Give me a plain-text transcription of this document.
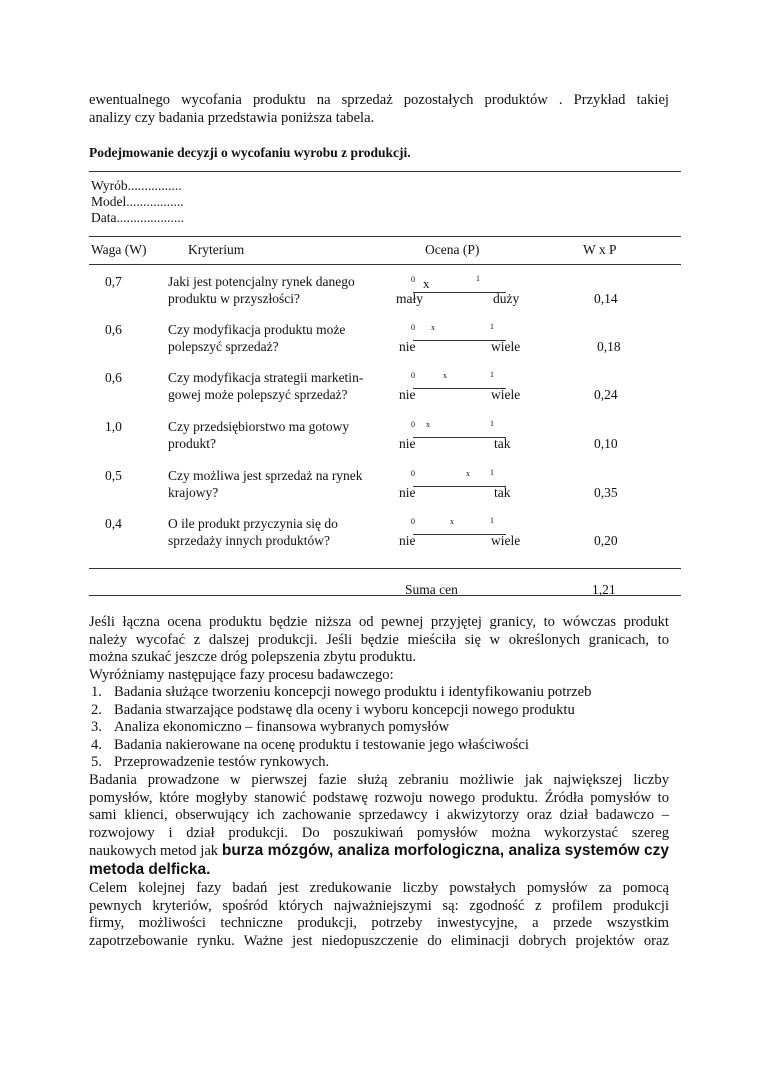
ewentualnego wycofania produktu na sprzedaż pozostałych produktów . Przykład takiej
analizy czy badania przedstawia poniższa tabela.
Podejmowanie decyzji o wycofaniu wyrobu z produkcji.
Wyrób................
Model.................
Data....................
Waga (W)	Kryterium	Ocena (P)	W x P
0,7	Jaki jest potencjalny rynek danego
produktu w przyszłości?
0 x	1
mały	duży	0,14
0,6	Czy modyfikacja produktu może
polepszyć sprzedaż?
0 x	1
nie	wiele	0,18
0,6	Czy modyfikacja strategii marketin-
gowej może polepszyć sprzedaż?
0	x	1
nie	wiele	0,24
1,0	Czy przedsiębiorstwo ma gotowy
produkt?
0 x	1
nie	tak	0,10
0,5	Czy możliwa jest sprzedaż na rynek
krajowy?
0	x	1
nie	tak	0,35
0,4	O ile produkt przyczynia się do
sprzedaży innych produktów?
0	x	1
nie	wiele	0,20
Suma cen	1,21
Jeśli łączna ocena produktu będzie niższa od pewnej przyjętej granicy, to wówczas produkt
należy wycofać z dalszej produkcji. Jeśli będzie mieściła się w określonych granicach, to
można szukać jeszcze dróg polepszenia zbytu produktu.
Wyróżniamy następujące fazy procesu badawczego:
1. Badania służące tworzeniu koncepcji nowego produktu i identyfikowaniu potrzeb
2. Badania stwarzające podstawę dla oceny i wyboru koncepcji nowego produktu
3. Analiza ekonomiczno – finansowa wybranych pomysłów
4. Badania nakierowane na ocenę produktu i testowanie jego właściwości
5. Przeprowadzenie testów rynkowych.
Badania prowadzone w pierwszej fazie służą zebraniu możliwie jak największej liczby
pomysłów, które mogłyby stanowić podstawę rozwoju nowego produktu. Źródła pomysłów to
sami klienci, obserwujący ich zachowanie sprzedawcy i akwizytorzy oraz dział badawczo –
rozwojowy i dział produkcji. Do poszukiwań pomysłów można wykorzystać szereg
naukowych metod jak burza mózgów, analiza morfologiczna, analiza systemów czy
metoda delficka.
Celem kolejnej fazy badań jest zredukowanie liczby powstałych pomysłów za pomocą
pewnych kryteriów, spośród których najważniejszymi są: zgodność z profilem produkcji
firmy, możliwości techniczne produkcji, potrzeby inwestycyjne, a przede wszystkim
zapotrzebowanie rynku. Ważne jest niedopuszczenie do eliminacji dobrych projektów oraz
